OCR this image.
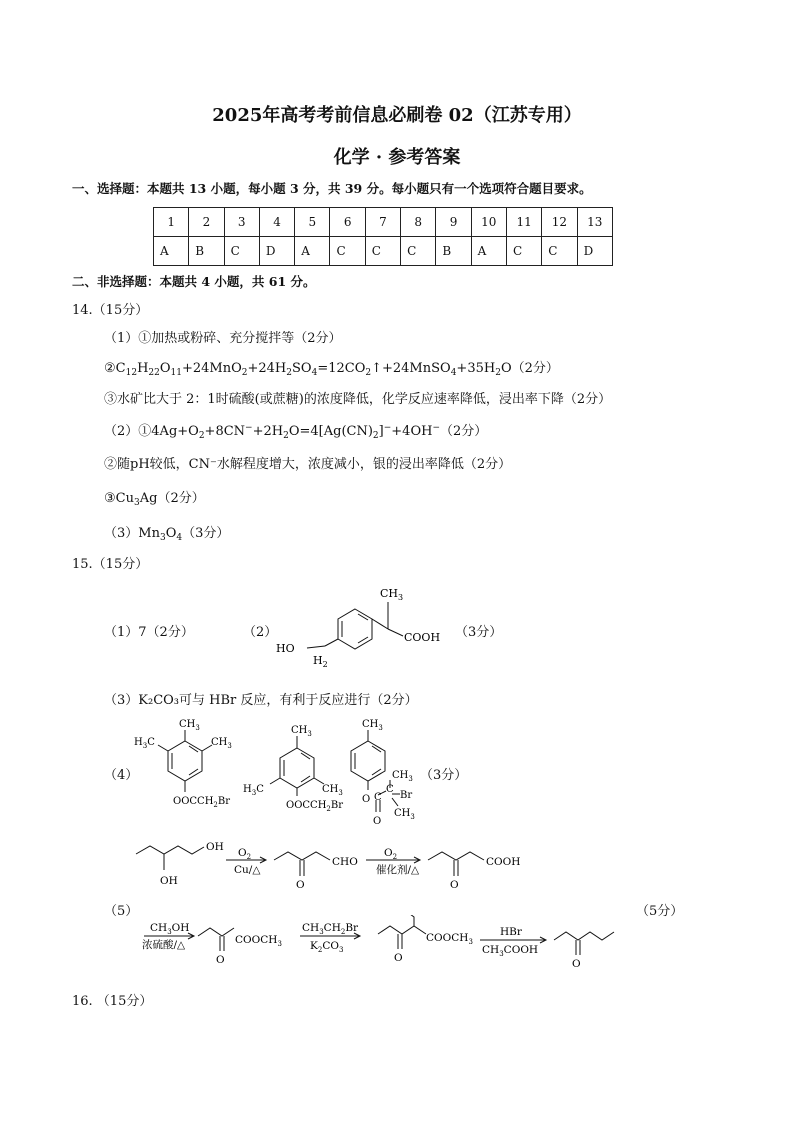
2025年高考考前信息必刷卷 02（江苏专用）
化学 · 参考答案
一、选择题：本题共 13 小题，每小题 3 分，共 39 分。每小题只有一个选项符合题目要求。
1	2	3	4	5	6	7	8	9	10	11	12	13
A	B	C	D	A	C	C	C	B	A	C	C	D
二、非选择题：本题共 4 小题，共 61 分。
14.（15分）
（1）①加热或粉碎、充分搅拌等（2分）
$②C_{12}H_{22}O_{11}+24MnO_2+24H_2SO_4=12CO_2↑+24MnSO_4+35H_2O(2$分）
③水矿比大于 2：1时硫酸(或蔗糖)的浓度降低，化学反应速率降低，浸出率下降（2分）
$(2)①4Ag+O_2+8CN^-+2H_2O=4[Ag(CN)_2]^-+4OH^-(2$分）
②随pH较低，CN⁻水解程度增大，浓度减小，银的浸出率降低（2分）
$③Cu_3Ag(2$分）
$(3)Mn_3O_4(3$分）
15.（15分）
（1）7（2分）	（2）
$CH_3$
COOH
HO
$H_2$
（3分）
（3）K₂CO₃可与 HBr 反应，有利于反应进行（2分）
（4）
$CH_3$
$H_3C$	$CH_3$
$OOCCH_2Br$
$CH_3$
$H_3C$	$CH_3$
$OOCCH_2Br$
$CH_3$
O C
C
Br
$CH_3$
$CH_3$
O
（3分）
OH
OH
$O_2$
Cu/△
CHO
O
$O_2$
催化剂/△
O
COOH
（5）	（5分）
$CH_3OH$
浓硫酸/△	$COOCH_3$
O
$CH_3CH_2Br$
$K_2CO_3$
$COOCH_3$
O
HBr
$CH_3COOH$
O
16. （15分）
